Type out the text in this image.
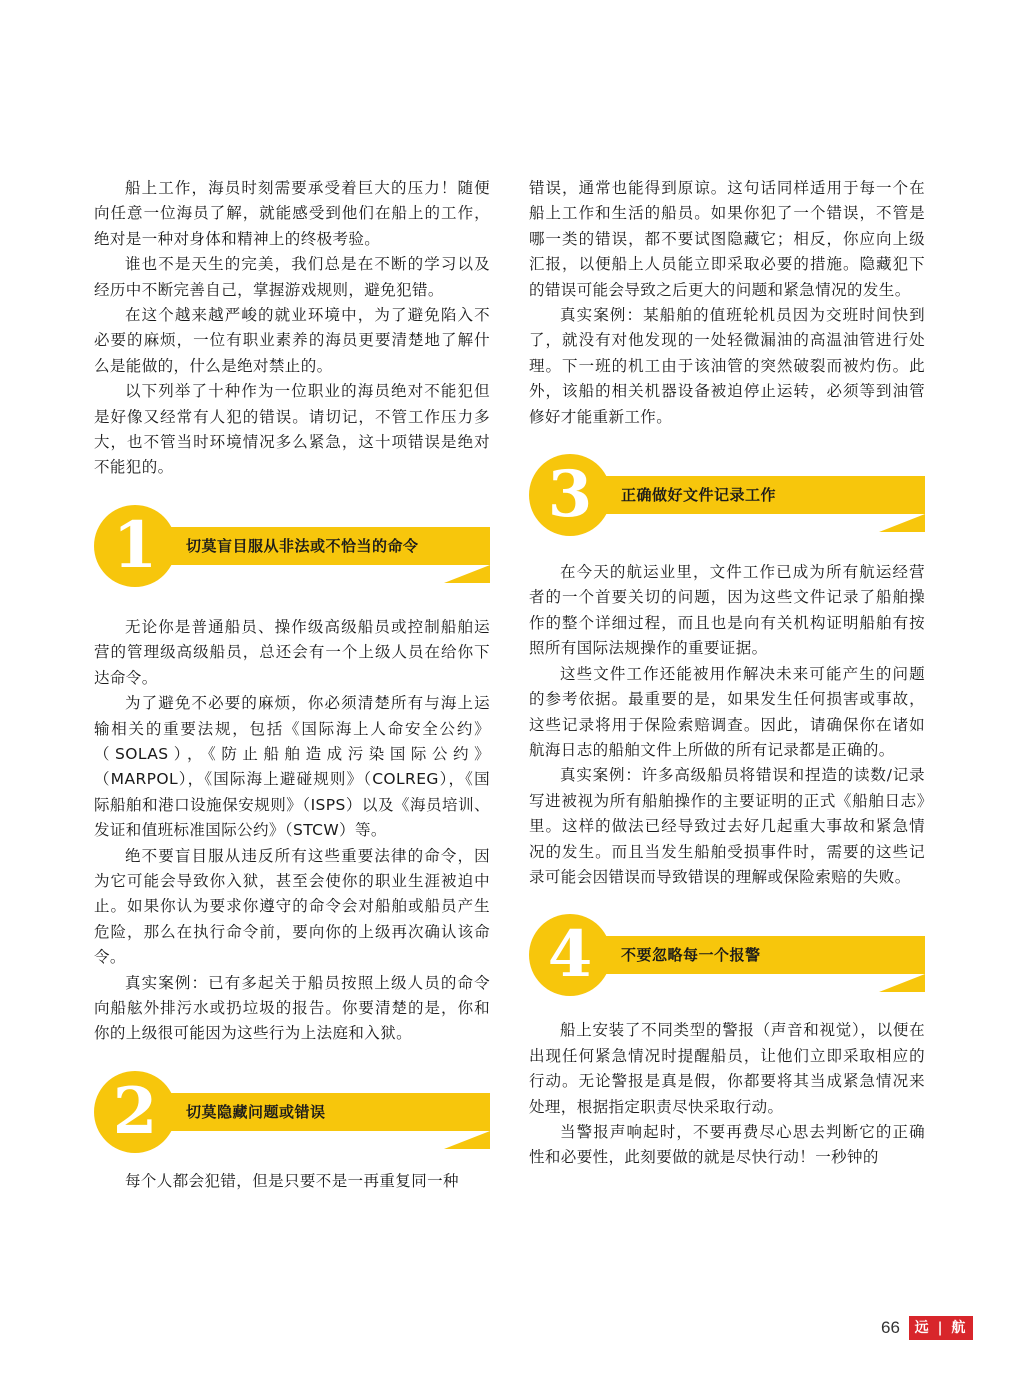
船上工作，海员时刻需要承受着巨大的压力！随便向任意一位海员了解，就能感受到他们在船上的工作，绝对是一种对身体和精神上的终极考验。

谁也不是天生的完美，我们总是在不断的学习以及经历中不断完善自己，掌握游戏规则，避免犯错。

在这个越来越严峻的就业环境中，为了避免陷入不必要的麻烦，一位有职业素养的海员更要清楚地了解什么是能做的，什么是绝对禁止的。

以下列举了十种作为一位职业的海员绝对不能犯但是好像又经常有人犯的错误。请切记，不管工作压力多大，也不管当时环境情况多么紧急，这十项错误是绝对不能犯的。

1	切莫盲目服从非法或不恰当的命令

无论你是普通船员、操作级高级船员或控制船舶运营的管理级高级船员，总还会有一个上级人员在给你下达命令。

为了避免不必要的麻烦，你必须清楚所有与海上运输相关的重要法规，包括《国际海上人命安全公约》（SOLAS），《防止船舶造成污染国际公约》（MARPOL），《国际海上避碰规则》（COLREG），《国际船舶和港口设施保安规则》（ISPS）以及《海员培训、发证和值班标准国际公约》（STCW）等。

绝不要盲目服从违反所有这些重要法律的命令，因为它可能会导致你入狱，甚至会使你的职业生涯被迫中止。如果你认为要求你遵守的命令会对船舶或船员产生危险，那么在执行命令前，要向你的上级再次确认该命令。

真实案例：已有多起关于船员按照上级人员的命令向船舷外排污水或扔垃圾的报告。你要清楚的是，你和你的上级很可能因为这些行为上法庭和入狱。

2	切莫隐藏问题或错误

每个人都会犯错，但是只要不是一再重复同一种

错误，通常也能得到原谅。这句话同样适用于每一个在船上工作和生活的船员。如果你犯了一个错误，不管是哪一类的错误，都不要试图隐藏它；相反，你应向上级汇报，以便船上人员能立即采取必要的措施。隐藏犯下的错误可能会导致之后更大的问题和紧急情况的发生。

真实案例：某船舶的值班轮机员因为交班时间快到了，就没有对他发现的一处轻微漏油的高温油管进行处理。下一班的机工由于该油管的突然破裂而被灼伤。此外，该船的相关机器设备被迫停止运转，必须等到油管修好才能重新工作。

3	正确做好文件记录工作

在今天的航运业里，文件工作已成为所有航运经营者的一个首要关切的问题，因为这些文件记录了船舶操作的整个详细过程，而且也是向有关机构证明船舶有按照所有国际法规操作的重要证据。

这些文件工作还能被用作解决未来可能产生的问题的参考依据。最重要的是，如果发生任何损害或事故，这些记录将用于保险索赔调查。因此，请确保你在诸如航海日志的船舶文件上所做的所有记录都是正确的。

真实案例：许多高级船员将错误和捏造的读数/记录写进被视为所有船舶操作的主要证明的正式《船舶日志》里。这样的做法已经导致过去好几起重大事故和紧急情况的发生。而且当发生船舶受损事件时，需要的这些记录可能会因错误而导致错误的理解或保险索赔的失败。

4	不要忽略每一个报警

船上安装了不同类型的警报（声音和视觉），以便在出现任何紧急情况时提醒船员，让他们立即采取相应的行动。无论警报是真是假，你都要将其当成紧急情况来处理，根据指定职责尽快采取行动。

当警报声响起时，不要再费尽心思去判断它的正确性和必要性，此刻要做的就是尽快行动！一秒钟的

66	远 | 航
